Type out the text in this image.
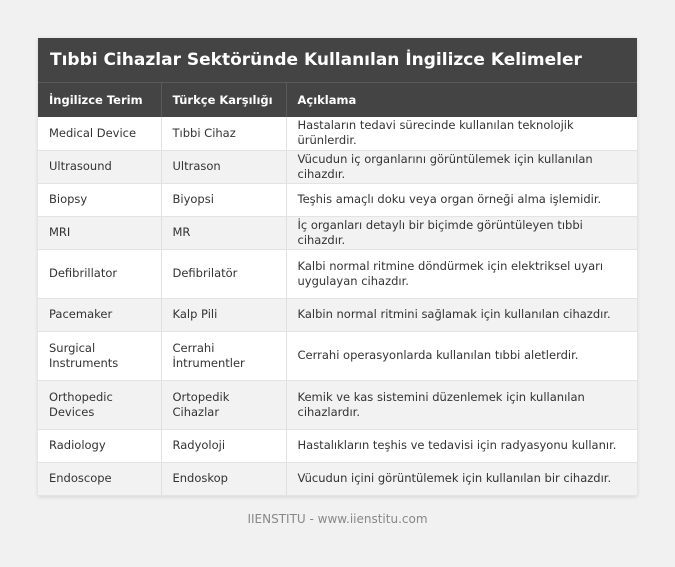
Tıbbi Cihazlar Sektöründe Kullanılan İngilizce Kelimeler
İngilizce Terim	Türkçe Karşılığı	Açıklama
Medical Device	Tıbbi Cihaz	Hastaların tedavi sürecinde kullanılan teknolojik ürünlerdir.
Ultrasound	Ultrason	Vücudun iç organlarını görüntülemek için kullanılan cihazdır.
Biopsy	Biyopsi	Teşhis amaçlı doku veya organ örneği alma işlemidir.
MRI	MR	İç organları detaylı bir biçimde görüntüleyen tıbbi cihazdır.
Defibrillator	Defibrilatör	Kalbi normal ritmine döndürmek için elektriksel uyarı uygulayan cihazdır.
Pacemaker	Kalp Pili	Kalbin normal ritmini sağlamak için kullanılan cihazdır.
Surgical Instruments	Cerrahi İntrumentler	Cerrahi operasyonlarda kullanılan tıbbi aletlerdir.
Orthopedic Devices	Ortopedik Cihazlar	Kemik ve kas sistemini düzenlemek için kullanılan cihazlardır.
Radiology	Radyoloji	Hastalıkların teşhis ve tedavisi için radyasyonu kullanır.
Endoscope	Endoskop	Vücudun içini görüntülemek için kullanılan bir cihazdır.
IIENSTITU - www.iienstitu.com
